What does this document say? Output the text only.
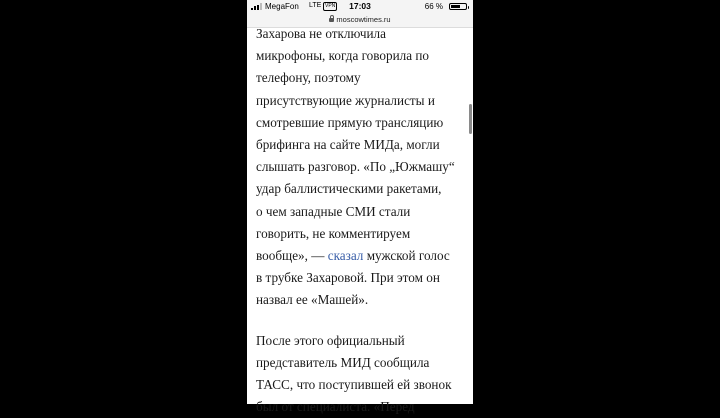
MegaFon LTE VPN	17:03	66 %
moscowtimes.ru

Захарова не отключила
микрофоны, когда говорила по
телефону, поэтому
присутствующие журналисты и
смотревшие прямую трансляцию
брифинга на сайте МИДа, могли
слышать разговор. «По „Южмашу“
удар баллистическими ракетами,
о чем западные СМИ стали
говорить, не комментируем
вообще», — сказал мужской голос
в трубке Захаровой. При этом он
назвал ее «Машей».

После этого официальный
представитель МИД сообщила
ТАСС, что поступившей ей звонок
был от специалиста. «Перед
